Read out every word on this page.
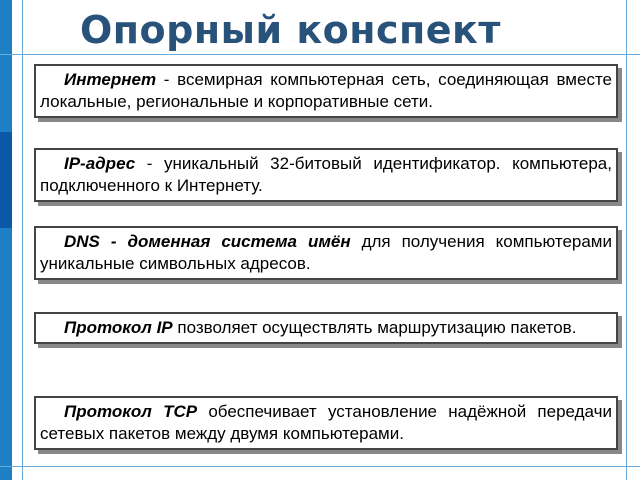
Опорный конспект
Интернет - всемирная компьютерная сеть, соединяющая вместе локальные, региональные и корпоративные сети.
IP-адрес - уникальный 32-битовый идентификатор. компьютера, подключенного к Интернету.
DNS - доменная система имён для получения компьютерами уникальные символьных адресов.
Протокол IP позволяет осуществлять маршрутизацию пакетов.
Протокол TCP обеспечивает установление надёжной передачи сетевых пакетов между двумя компьютерами.
